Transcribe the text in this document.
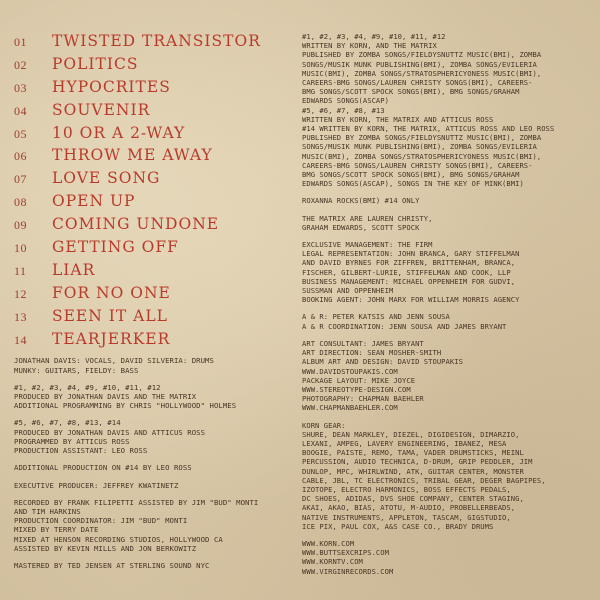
01	TWISTED TRANSISTOR
02	POLITICS
03	HYPOCRITES
04	SOUVENIR
05	10 OR A 2-WAY
06	THROW ME AWAY
07	LOVE SONG
08	OPEN UP
09	COMING UNDONE
10	GETTING OFF
11	LIAR
12	FOR NO ONE
13	SEEN IT ALL
14	TEARJERKER
JONATHAN DAVIS: VOCALS, DAVID SILVERIA: DRUMS
MUNKY: GUITARS, FIELDY: BASS
#1, #2, #3, #4, #9, #10, #11, #12
PRODUCED BY JONATHAN DAVIS AND THE MATRIX
ADDITIONAL PROGRAMMING BY CHRIS "HOLLYWOOD" HOLMES
#5, #6, #7, #8, #13, #14
PRODUCED BY JONATHAN DAVIS AND ATTICUS ROSS
PROGRAMMED BY ATTICUS ROSS
PRODUCTION ASSISTANT: LEO ROSS
ADDITIONAL PRODUCTION ON #14 BY LEO ROSS
EXECUTIVE PRODUCER: JEFFREY KWATINETZ
RECORDED BY FRANK FILIPETTI ASSISTED BY JIM "BUD" MONTI
AND TIM HARKINS
PRODUCTION COORDINATOR: JIM "BUD" MONTI
MIXED BY TERRY DATE
MIXED AT HENSON RECORDING STUDIOS, HOLLYWOOD CA
ASSISTED BY KEVIN MILLS AND JON BERKOWITZ
MASTERED BY TED JENSEN AT STERLING SOUND NYC
#1, #2, #3, #4, #9, #10, #11, #12
WRITTEN BY KORN, AND THE MATRIX
PUBLISHED BY ZOMBA SONGS/FIELDYSNUTTZ MUSIC(BMI), ZOMBA
SONGS/MUSIK MUNK PUBLISHING(BMI), ZOMBA SONGS/EVILERIA
MUSIC(BMI), ZOMBA SONGS/STRATOSPHERICYONESS MUSIC(BMI),
CAREERS-BMG SONGS/LAUREN CHRISTY SONGS(BMI), CAREERS-
BMG SONGS/SCOTT SPOCK SONGS(BMI), BMG SONGS/GRAHAM
EDWARDS SONGS(ASCAP)
#5, #6, #7, #8, #13
WRITTEN BY KORN, THE MATRIX AND ATTICUS ROSS
#14 WRITTEN BY KORN, THE MATRIX, ATTICUS ROSS AND LEO ROSS
PUBLISHED BY ZOMBA SONGS/FIELDYSNUTTZ MUSIC(BMI), ZOMBA
SONGS/MUSIK MUNK PUBLISHING(BMI), ZOMBA SONGS/EVILERIA
MUSIC(BMI), ZOMBA SONGS/STRATOSPHERICYONESS MUSIC(BMI),
CAREERS-BMG SONGS/LAUREN CHRISTY SONGS(BMI), CAREERS-
BMG SONGS/SCOTT SPOCK SONGS(BMI), BMG SONGS/GRAHAM
EDWARDS SONGS(ASCAP), SONGS IN THE KEY OF MINK(BMI)
ROXANNA ROCKS(BMI) #14 ONLY
THE MATRIX ARE LAUREN CHRISTY,
GRAHAM EDWARDS, SCOTT SPOCK
EXCLUSIVE MANAGEMENT: THE FIRM
LEGAL REPRESENTATION: JOHN BRANCA, GARY STIFFELMAN
AND DAVID BYRNES FOR ZIFFREN, BRITTENHAM, BRANCA,
FISCHER, GILBERT-LURIE, STIFFELMAN AND COOK, LLP
BUSINESS MANAGEMENT: MICHAEL OPPENHEIM FOR GUDVI,
SUSSMAN AND OPPENHEIM
BOOKING AGENT: JOHN MARX FOR WILLIAM MORRIS AGENCY
A & R: PETER KATSIS AND JENN SOUSA
A & R COORDINATION: JENN SOUSA AND JAMES BRYANT
ART CONSULTANT: JAMES BRYANT
ART DIRECTION: SEAN MOSHER-SMITH
ALBUM ART AND DESIGN: DAVID STOUPAKIS
WWW.DAVIDSTOUPAKIS.COM
PACKAGE LAYOUT: MIKE JOYCE
WWW.STEREOTYPE-DESIGN.COM
PHOTOGRAPHY: CHAPMAN BAEHLER
WWW.CHAPMANBAEHLER.COM
KORN GEAR:
SHURE, DEAN MARKLEY, DIEZEL, DIGIDESIGN, DIMARZIO,
LEXANI, AMPEG, LAVERY ENGINEERING, IBANEZ, MESA
BOOGIE, PAISTE, REMO, TAMA, VADER DRUMSTICKS, MEINL
PERCUSSION, AUDIO TECHNICA, D-DRUM, GRIP PEDDLER, JIM
DUNLOP, MPC, WHIRLWIND, ATK, GUITAR CENTER, MONSTER
CABLE, JBL, TC ELECTRONICS, TRIBAL GEAR, DEGER BAGPIPES,
IZOTOPE, ELECTRO HARMONICS, BOSS EFFECTS PEDALS,
DC SHOES, ADIDAS, DVS SHOE COMPANY, CENTER STAGING,
AKAI, AKAO, BIAS, ATOTU, M-AUDIO, PROBELLERBEADS,
NATIVE INSTRUMENTS, APPLETON, TASCAM, GIGSTUDIO,
ICE PIX, PAUL COX, A&S CASE CO., BRADY DRUMS
WWW.KORN.COM
WWW.BUTTSEXCRIPS.COM
WWW.KORNTV.COM
WWW.VIRGINRECORDS.COM
